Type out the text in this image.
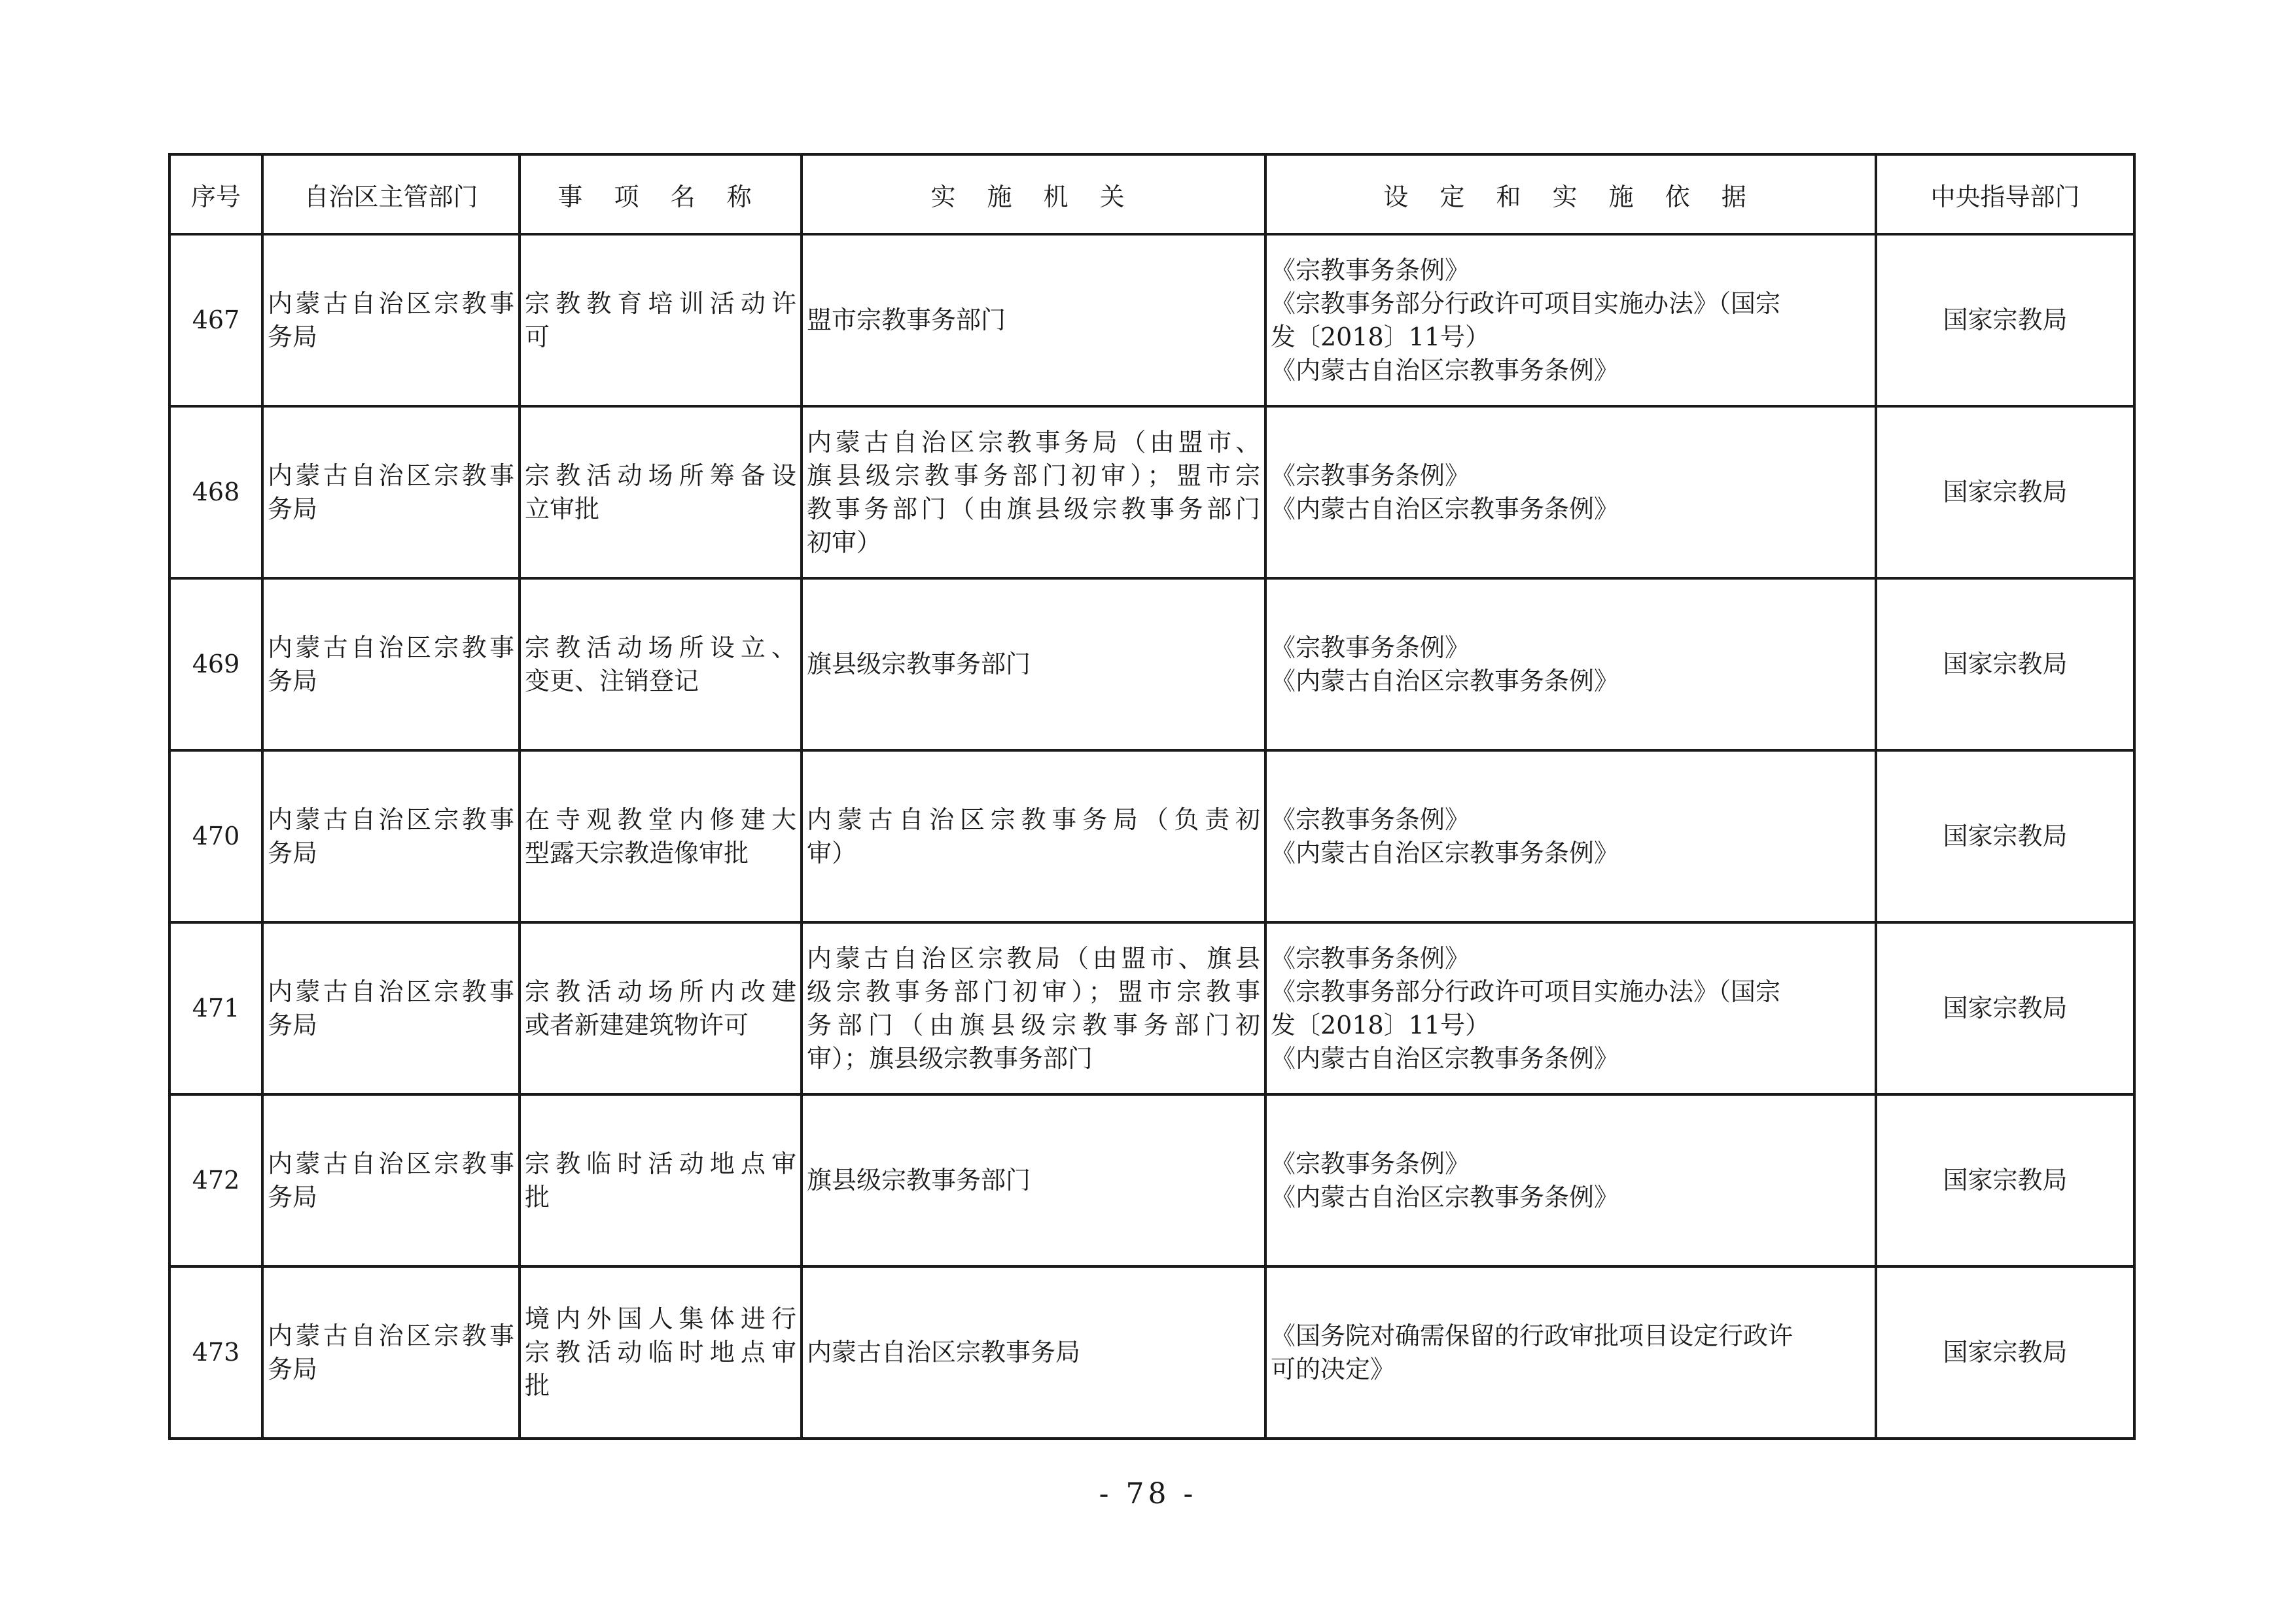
序号	自治区主管部门	事 项 名 称	实 施 机 关	设 定 和 实 施 依 据	中央指导部门
467	内蒙古自治区宗教事
务局	宗教教育培训活动许
可	盟市宗教事务部门	《宗教事务条例》
《宗教事务部分行政许可项目实施办法》（国宗
发〔2018〕11号）
《内蒙古自治区宗教事务条例》	国家宗教局
468	内蒙古自治区宗教事
务局	宗教活动场所筹备设
立审批	内蒙古自治区宗教事务局（由盟市、
旗县级宗教事务部门初审）；盟市宗
教事务部门（由旗县级宗教事务部门
初审）	《宗教事务条例》
《内蒙古自治区宗教事务条例》	国家宗教局
469	内蒙古自治区宗教事
务局	宗教活动场所设立、
变更、注销登记	旗县级宗教事务部门	《宗教事务条例》
《内蒙古自治区宗教事务条例》	国家宗教局
470	内蒙古自治区宗教事
务局	在寺观教堂内修建大
型露天宗教造像审批	内蒙古自治区宗教事务局（负责初
审）	《宗教事务条例》
《内蒙古自治区宗教事务条例》	国家宗教局
471	内蒙古自治区宗教事
务局	宗教活动场所内改建
或者新建建筑物许可	内蒙古自治区宗教局（由盟市、旗县
级宗教事务部门初审）；盟市宗教事
务部门（由旗县级宗教事务部门初
审）；旗县级宗教事务部门	《宗教事务条例》
《宗教事务部分行政许可项目实施办法》（国宗
发〔2018〕11号）
《内蒙古自治区宗教事务条例》	国家宗教局
472	内蒙古自治区宗教事
务局	宗教临时活动地点审
批	旗县级宗教事务部门	《宗教事务条例》
《内蒙古自治区宗教事务条例》	国家宗教局
473	内蒙古自治区宗教事
务局	境内外国人集体进行
宗教活动临时地点审
批	内蒙古自治区宗教事务局	《国务院对确需保留的行政审批项目设定行政许
可的决定》	国家宗教局
- 78 -
